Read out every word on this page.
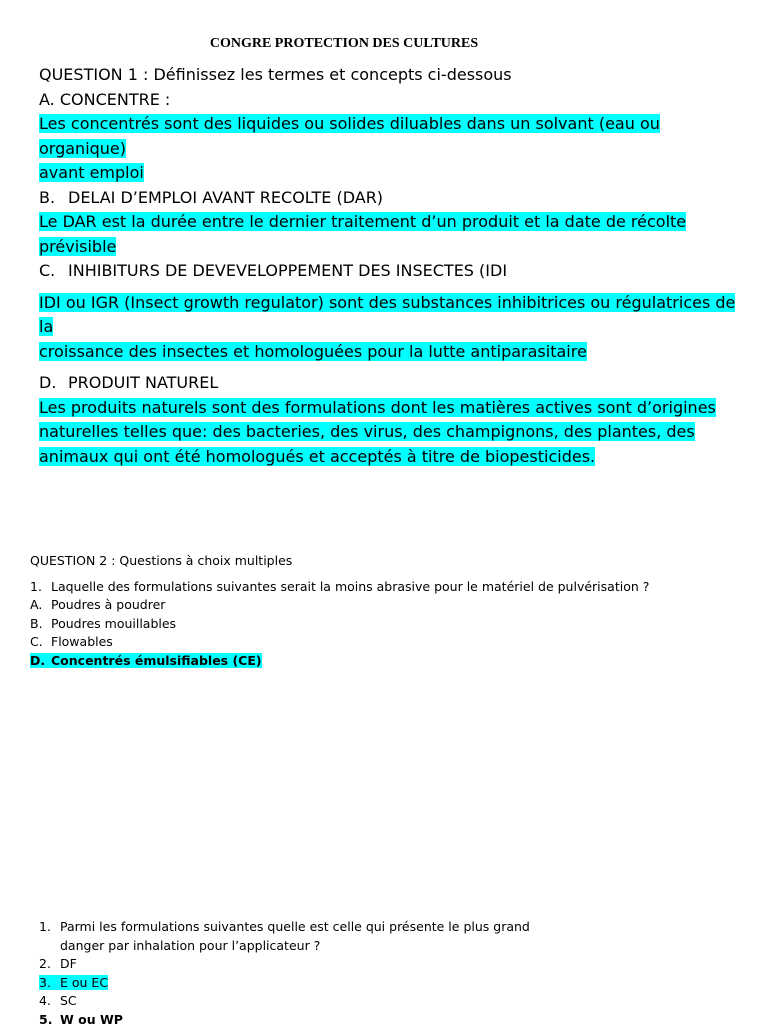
CONGRE PROTECTION DES CULTURES

QUESTION 1 : Définissez les termes et concepts ci-dessous

A. CONCENTRE :

Les concentrés sont des liquides ou solides diluables dans un solvant (eau ou organique)

avant emploi

B. DELAI D’EMPLOI AVANT RECOLTE (DAR)

Le DAR est la durée entre le dernier traitement d’un produit et la date de récolte

prévisible

C. INHIBITURS DE DEVEVELOPPEMENT DES INSECTES (IDI

IDI ou IGR (Insect growth regulator) sont des substances inhibitrices ou régulatrices de la

croissance des insectes et homologuées pour la lutte antiparasitaire

D. PRODUIT NATUREL

Les produits naturels sont des formulations dont les matières actives sont d’origines

naturelles telles que: des bacteries, des virus, des champignons, des plantes, des

animaux qui ont été homologués et acceptés à titre de biopesticides.

QUESTION 2 : Questions à choix multiples

1. Laquelle des formulations suivantes serait la moins abrasive pour le matériel de pulvérisation ?

A. Poudres à poudrer

B. Poudres mouillables

C. Flowables

D. Concentrés émulsifiables (CE)

1. Parmi les formulations suivantes quelle est celle qui présente le plus grand

danger par inhalation pour l’applicateur ?

2. DF

3. E ou EC

4. SC

5. W ou WP
